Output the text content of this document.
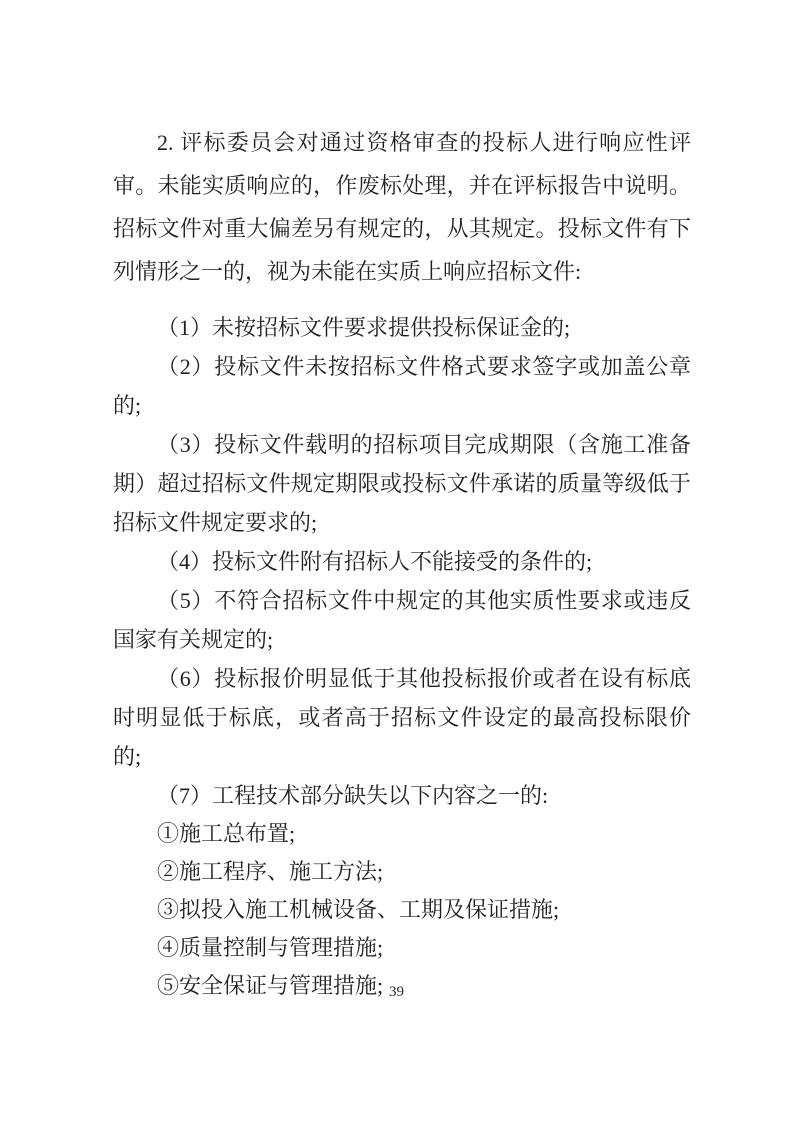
2. 评标委员会对通过资格审查的投标人进行响应性评审。未能实质响应的，作废标处理，并在评标报告中说明。招标文件对重大偏差另有规定的，从其规定。投标文件有下列情形之一的，视为未能在实质上响应招标文件:

（1）未按招标文件要求提供投标保证金的;

（2）投标文件未按招标文件格式要求签字或加盖公章的;

（3）投标文件载明的招标项目完成期限（含施工准备期）超过招标文件规定期限或投标文件承诺的质量等级低于招标文件规定要求的;

（4）投标文件附有招标人不能接受的条件的;

（5）不符合招标文件中规定的其他实质性要求或违反国家有关规定的;

（6）投标报价明显低于其他投标报价或者在设有标底时明显低于标底，或者高于招标文件设定的最高投标限价的;

（7）工程技术部分缺失以下内容之一的:

①施工总布置;

②施工程序、施工方法;

③拟投入施工机械设备、工期及保证措施;

④质量控制与管理措施;

⑤安全保证与管理措施; 39
